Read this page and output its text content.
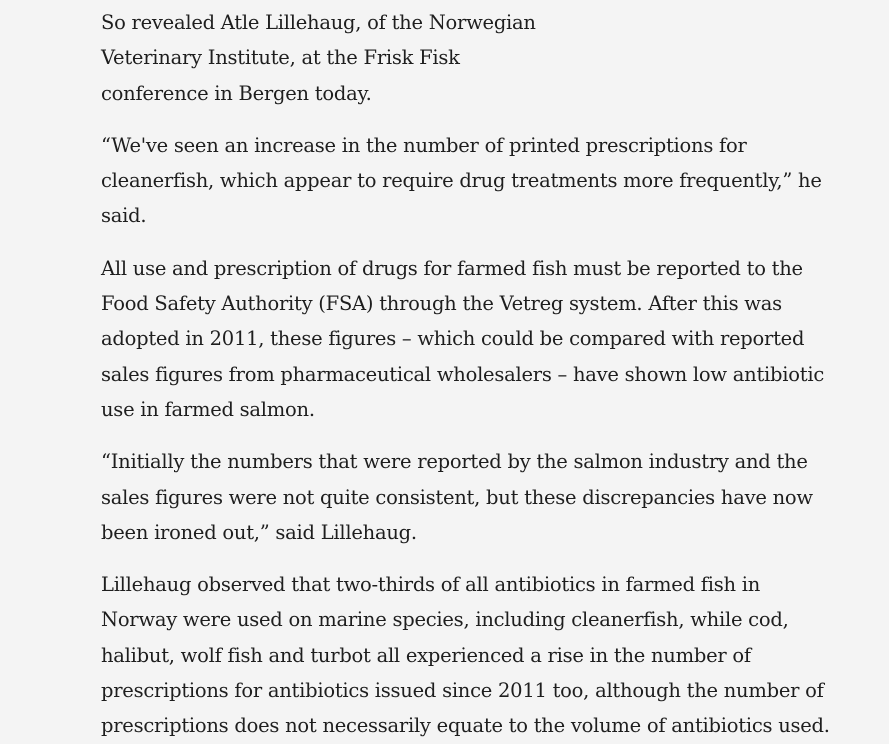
So revealed Atle Lillehaug, of the Norwegian Veterinary Institute, at the Frisk Fisk conference in Bergen today.

“We've seen an increase in the number of printed prescriptions for cleanerfish, which appear to require drug treatments more frequently,” he said.

All use and prescription of drugs for farmed fish must be reported to the Food Safety Authority (FSA) through the Vetreg system. After this was adopted in 2011, these figures – which could be compared with reported sales figures from pharmaceutical wholesalers – have shown low antibiotic use in farmed salmon.

“Initially the numbers that were reported by the salmon industry and the sales figures were not quite consistent, but these discrepancies have now been ironed out,” said Lillehaug.

Lillehaug observed that two-thirds of all antibiotics in farmed fish in Norway were used on marine species, including cleanerfish, while cod, halibut, wolf fish and turbot all experienced a rise in the number of prescriptions for antibiotics issued since 2011 too, although the number of prescriptions does not necessarily equate to the volume of antibiotics used.
